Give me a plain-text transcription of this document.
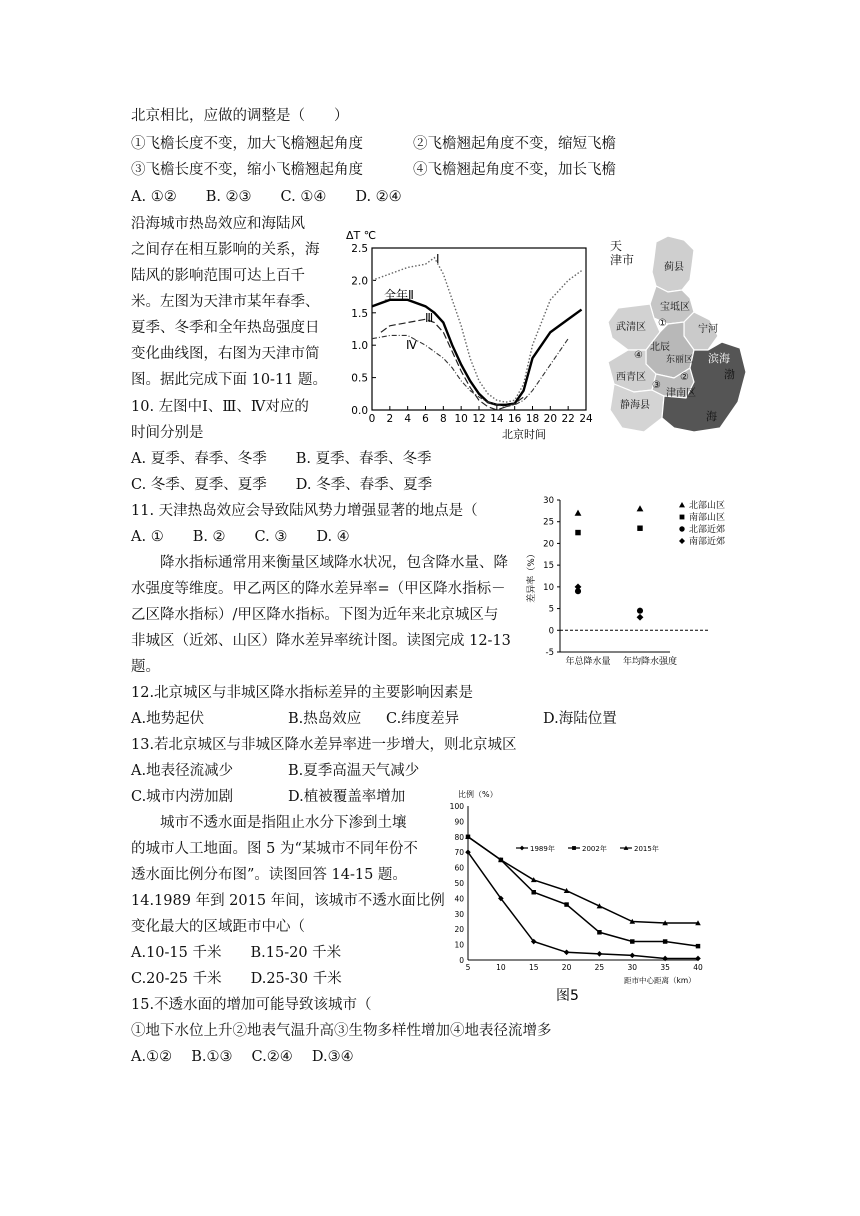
北京相比，应做的调整是（　　）
①飞檐长度不变，加大飞檐翘起角度	②飞檐翘起角度不变，缩短飞檐
③飞檐长度不变，缩小飞檐翘起角度	④飞檐翘起角度不变，加长飞檐
A. ①②　　B. ②③　　C. ①④　　D. ②④
沿海城市热岛效应和海陆风
之间存在相互影响的关系，海
陆风的影响范围可达上百千
米。左图为天津市某年春季、
夏季、冬季和全年热岛强度日
变化曲线图，右图为天津市简
图。据此完成下面 10-11 题。
10. 左图中Ⅰ、Ⅲ、Ⅳ对应的
时间分别是
A. 夏季、春季、冬季　　B. 夏季、春季、冬季
C. 冬季、夏季、夏季　　D. 冬季、春季、夏季
11. 天津热岛效应会导致陆风势力增强显著的地点是（
A. ①　　B. ②　　C. ③　　D. ④
降水指标通常用来衡量区域降水状况，包含降水量、降
水强度等维度。甲乙两区的降水差异率=（甲区降水指标－
乙区降水指标）/甲区降水指标。下图为近年来北京城区与
非城区（近郊、山区）降水差异率统计图。读图完成 12-13
题。
12.北京城区与非城区降水指标差异的主要影响因素是
A.地势起伏	B.热岛效应 C.纬度差异	D.海陆位置
13.若北京城区与非城区降水差异率进一步增大，则北京城区
A.地表径流减少	B.夏季高温天气减少
C.城市内涝加剧	D.植被覆盖率增加
城市不透水面是指阻止水分下渗到土壤
的城市人工地面。图 5 为“某城市不同年份不
透水面比例分布图”。读图回答 14-15 题。
14.1989 年到 2015 年间，该城市不透水面比例
变化最大的区域距市中心（
A.10-15 千米　　B.15-20 千米
C.20-25 千米　　D.25-30 千米
15.不透水面的增加可能导致该城市（
①地下水位上升②地表气温升高③生物多样性增加④地表径流增多
A.①②　 B.①③　 C.②④　 D.③④
ΔT ℃
0 2 4 6 8 10 12 14 16 18 20 22 24
0.0
0.5
1.0
1.5
2.0
2.5
Ⅰ
全年Ⅱ
Ⅲ
Ⅳ
北京时间
天
津市
蓟县
宝坻区
武清区	宁河
北辰
东丽区
西青区
静海县
津南区
滨海
渤
海
①
②
③
④
差异率（%）
-5
0
5
10
15
20
25
30
年总降水量 年均降水强度
北部山区
南部山区
北部近郊
南部近郊
比例（%）
0
10
20
30
40
50
60
70
80
90
100
5	10	15	20	25	30	35	40
1989年	2002年	2015年
距市中心距离（km）
图5
